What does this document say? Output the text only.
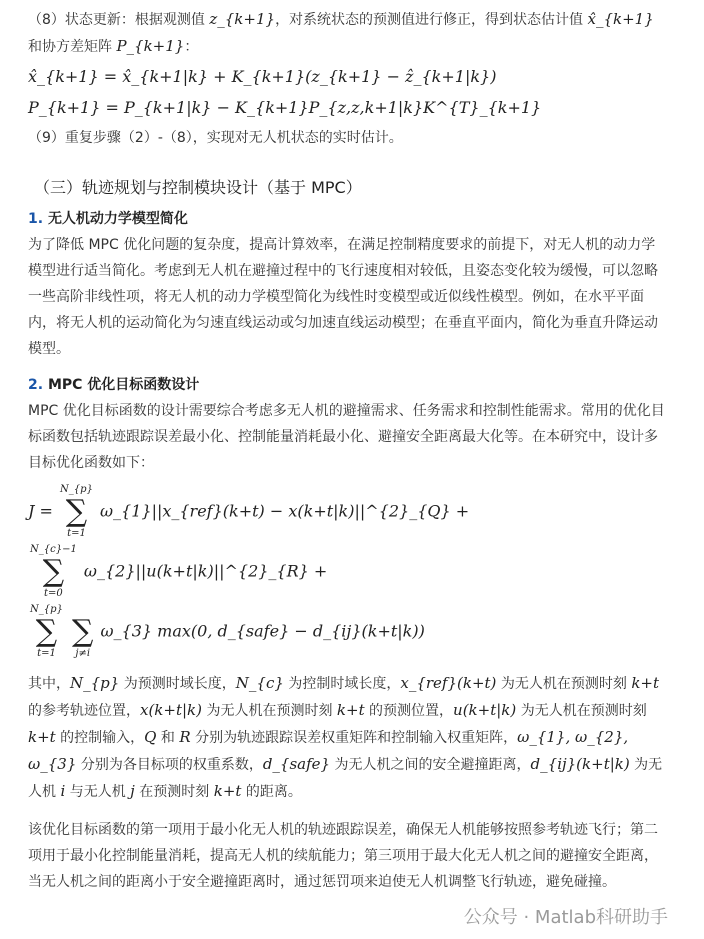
（8）状态更新：根据观测值 z_{k+1}，对系统状态的预测值进行修正，得到状态估计值 x̂_{k+1} 和协方差矩阵 P_{k+1}：

x̂_{k+1} = x̂_{k+1|k} + K_{k+1}(z_{k+1} − ẑ_{k+1|k})
P_{k+1} = P_{k+1|k} − K_{k+1}P_{z,z,k+1|k}K^{T}_{k+1}

（9）重复步骤（2）-（8），实现对无人机状态的实时估计。

（三）轨迹规划与控制模块设计（基于 MPC）
1. 无人机动力学模型简化

为了降低 MPC 优化问题的复杂度，提高计算效率，在满足控制精度要求的前提下，对无人机的动力学模型进行适当简化。考虑到无人机在避撞过程中的飞行速度相对较低，且姿态变化较为缓慢，可以忽略一些高阶非线性项，将无人机的动力学模型简化为线性时变模型或近似线性模型。例如，在水平平面内，将无人机的运动简化为匀速直线运动或匀加速直线运动模型；在垂直平面内，简化为垂直升降运动模型。

2. MPC 优化目标函数设计

MPC 优化目标函数的设计需要综合考虑多无人机的避撞需求、任务需求和控制性能需求。常用的优化目标函数包括轨迹跟踪误差最小化、控制能量消耗最小化、避撞安全距离最大化等。在本研究中，设计多目标优化函数如下：

J =
N_{p}
∑
t=1
ω_{1}||x_{ref}(k+t) − x(k+t|k)||^{2}_{Q} +
N_{c}−1
∑
t=0
ω_{2}||u(k+t|k)||^{2}_{R} +
N_{p}
∑
t=1

∑
j≠i
ω_{3} max(0, d_{safe} − d_{ij}(k+t|k))

其中，N_{p} 为预测时域长度，N_{c} 为控制时域长度，x_{ref}(k+t) 为无人机在预测时刻 k+t 的参考轨迹位置，x(k+t|k) 为无人机在预测时刻 k+t 的预测位置，u(k+t|k) 为无人机在预测时刻 k+t 的控制输入，Q 和 R 分别为轨迹跟踪误差权重矩阵和控制输入权重矩阵，ω_{1}, ω_{2}, ω_{3} 分别为各目标项的权重系数，d_{safe} 为无人机之间的安全避撞距离，d_{ij}(k+t|k) 为无人机 i 与无人机 j 在预测时刻 k+t 的距离。

该优化目标函数的第一项用于最小化无人机的轨迹跟踪误差，确保无人机能够按照参考轨迹飞行；第二项用于最小化控制能量消耗，提高无人机的续航能力；第三项用于最大化无人机之间的避撞安全距离，当无人机之间的距离小于安全避撞距离时，通过惩罚项来迫使无人机调整飞行轨迹，避免碰撞。

公众号 · Matlab科研助手
